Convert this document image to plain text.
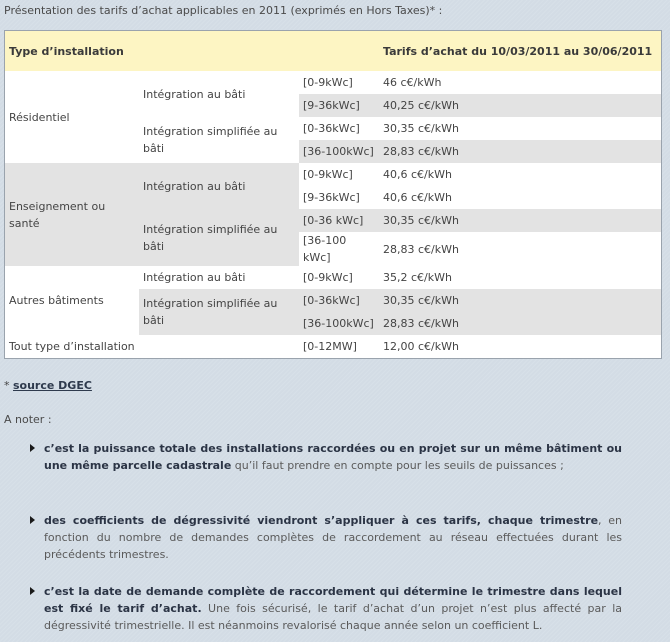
Présentation des tarifs d’achat applicables en 2011 (exprimés en Hors Taxes)* :
Type d’installation			Tarifs d’achat du 10/03/2011 au 30/06/2011
Résidentiel	Intégration au bâti	[0-9kWc]	46 c€/kWh
		[9-36kWc]	40,25 c€/kWh
	Intégration simplifiée au bâti	[0-36kWc]	30,35 c€/kWh
		[36-100kWc]	28,83 c€/kWh
Enseignement ou santé	Intégration au bâti	[0-9kWc]	40,6 c€/kWh
		[9-36kWc]	40,6 c€/kWh
	Intégration simplifiée au bâti	[0-36 kWc]	30,35 c€/kWh
		[36-100 kWc]	28,83 c€/kWh
Autres bâtiments	Intégration au bâti	[0-9kWc]	35,2 c€/kWh
	Intégration simplifiée au bâti	[0-36kWc]	30,35 c€/kWh
		[36-100kWc]	28,83 c€/kWh
Tout type d’installation		[0-12MW]	12,00 c€/kWh
* source DGEC
A noter :
c’est la puissance totale des installations raccordées ou en projet sur un même bâtiment ou une même parcelle cadastrale qu’il faut prendre en compte pour les seuils de puissances ;
des coefficients de dégressivité viendront s’appliquer à ces tarifs, chaque trimestre, en fonction du nombre de demandes complètes de raccordement au réseau effectuées durant les précédents trimestres.
c’est la date de demande complète de raccordement qui détermine le trimestre dans lequel est fixé le tarif d’achat. Une fois sécurisé, le tarif d’achat d’un projet n’est plus affecté par la dégressivité trimestrielle. Il est néanmoins revalorisé chaque année selon un coefficient L.
